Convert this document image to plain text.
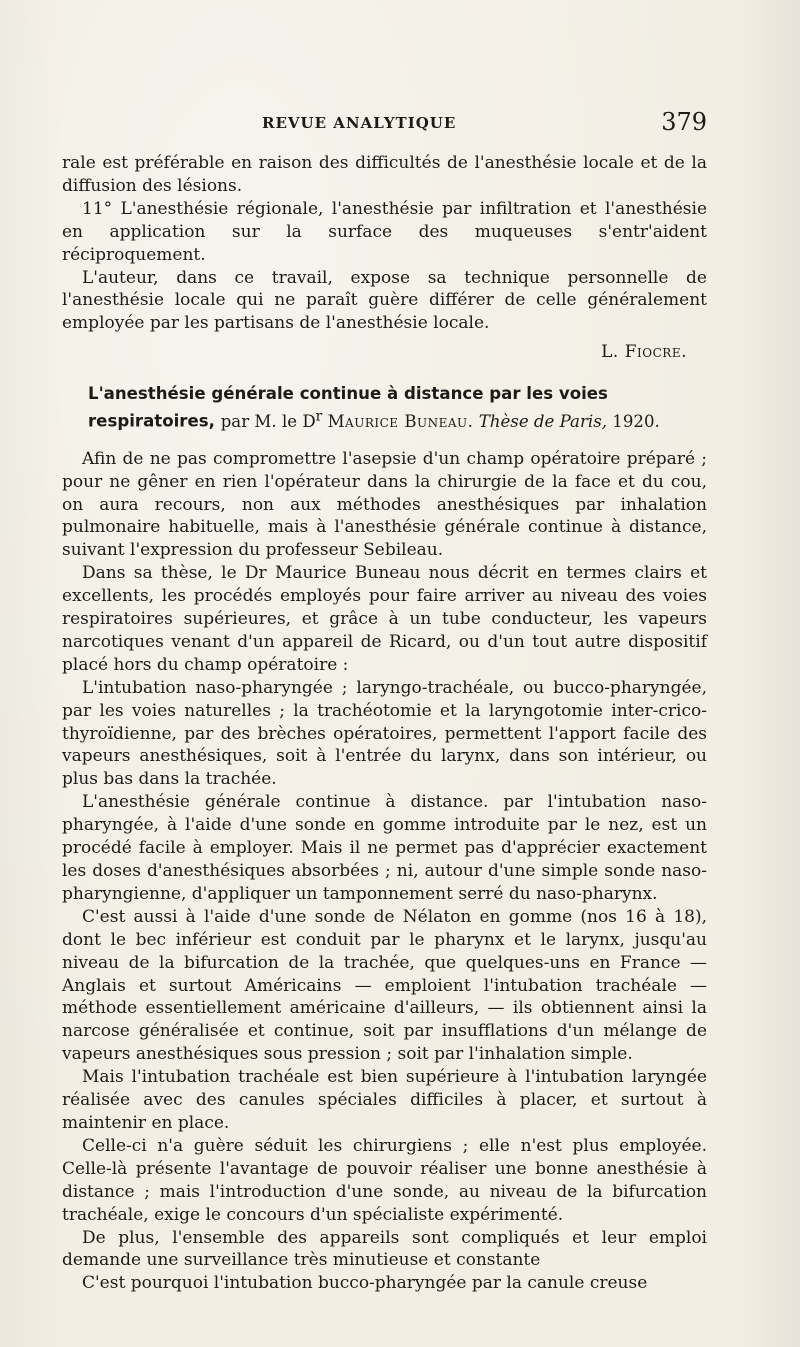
REVUE ANALYTIQUE	379

rale est préférable en raison des difficultés de l'anesthésie locale et de la diffusion des lésions.

11° L'anesthésie régionale, l'anesthésie par infiltration et l'anesthésie en application sur la surface des muqueuses s'entr'aident réciproquement.

L'auteur, dans ce travail, expose sa technique personnelle de l'anesthésie locale qui ne paraît guère différer de celle généralement employée par les partisans de l'anesthésie locale.

L. Fiocre.

L'anesthésie générale continue à distance par les voies respiratoires, par M. le $D^r$ Maurice Buneau. Thèse de Paris, 1920.

Afin de ne pas compromettre l'asepsie d'un champ opératoire préparé ; pour ne gêner en rien l'opérateur dans la chirurgie de la face et du cou, on aura recours, non aux méthodes anesthésiques par inhalation pulmonaire habituelle, mais à l'anesthésie générale continue à distance, suivant l'expression du professeur Sebileau.

Dans sa thèse, le Dr Maurice Buneau nous décrit en termes clairs et excellents, les procédés employés pour faire arriver au niveau des voies respiratoires supérieures, et grâce à un tube conducteur, les vapeurs narcotiques venant d'un appareil de Ricard, ou d'un tout autre dispositif placé hors du champ opératoire :

L'intubation naso-pharyngée ; laryngo-trachéale, ou bucco-pharyngée, par les voies naturelles ; la trachéotomie et la laryngotomie inter-crico-thyroïdienne, par des brèches opératoires, permettent l'apport facile des vapeurs anesthésiques, soit à l'entrée du larynx, dans son intérieur, ou plus bas dans la trachée.

L'anesthésie générale continue à distance. par l'intubation naso-pharyngée, à l'aide d'une sonde en gomme introduite par le nez, est un procédé facile à employer. Mais il ne permet pas d'apprécier exactement les doses d'anesthésiques absorbées ; ni, autour d'une simple sonde naso-pharyngienne, d'appliquer un tamponnement serré du naso-pharynx.

C'est aussi à l'aide d'une sonde de Nélaton en gomme (nos 16 à 18), dont le bec inférieur est conduit par le pharynx et le larynx, jusqu'au niveau de la bifurcation de la trachée, que quelques-uns en France — Anglais et surtout Américains — emploient l'intubation trachéale — méthode essentiellement américaine d'ailleurs, — ils obtiennent ainsi la narcose généralisée et continue, soit par insufflations d'un mélange de vapeurs anesthésiques sous pression ; soit par l'inhalation simple.

Mais l'intubation trachéale est bien supérieure à l'intubation laryngée réalisée avec des canules spéciales difficiles à placer, et surtout à maintenir en place.

Celle-ci n'a guère séduit les chirurgiens ; elle n'est plus employée. Celle-là présente l'avantage de pouvoir réaliser une bonne anesthésie à distance ; mais l'introduction d'une sonde, au niveau de la bifurcation trachéale, exige le concours d'un spécialiste expérimenté.

De plus, l'ensemble des appareils sont compliqués et leur emploi demande une surveillance très minutieuse et constante

C'est pourquoi l'intubation bucco-pharyngée par la canule creuse
